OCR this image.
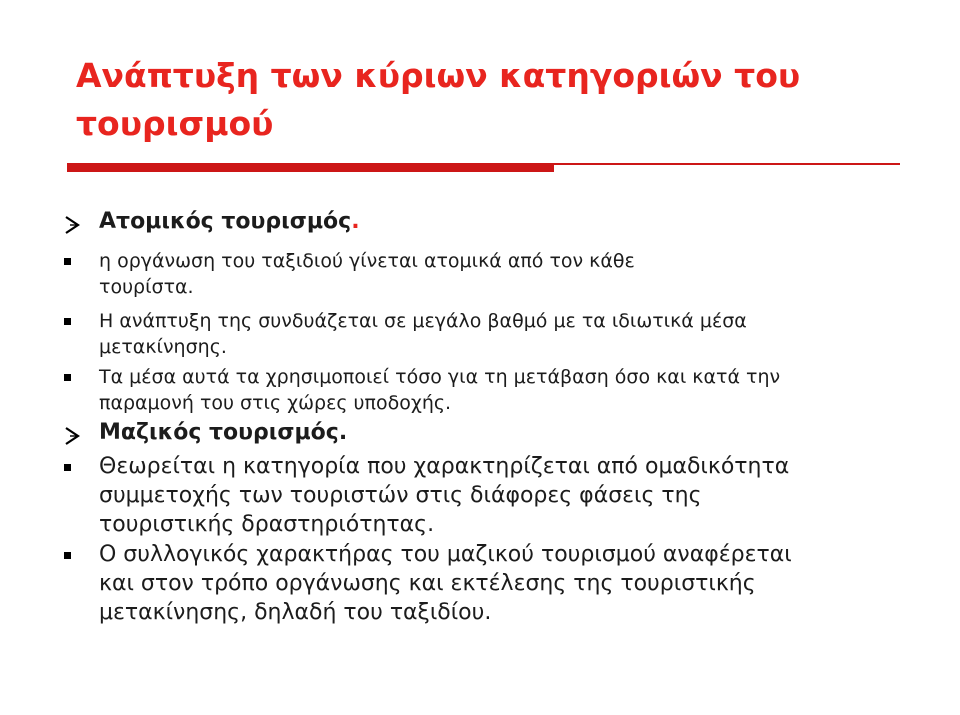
Ανάπτυξη των κύριων κατηγοριών του
τουρισμού
Ατομικός τουρισμός.
η οργάνωση του ταξιδιού γίνεται ατομικά από τον κάθε
τουρίστα.
Η ανάπτυξη της συνδυάζεται σε μεγάλο βαθμό με τα ιδιωτικά μέσα
μετακίνησης.
Τα μέσα αυτά τα χρησιμοποιεί τόσο για τη μετάβαση όσο και κατά την
παραμονή του στις χώρες υποδοχής.
Μαζικός τουρισμός.
Θεωρείται η κατηγορία που χαρακτηρίζεται από ομαδικότητα
συμμετοχής των τουριστών στις διάφορες φάσεις της
τουριστικής δραστηριότητας.
Ο συλλογικός χαρακτήρας του μαζικού τουρισμού αναφέρεται
και στον τρόπο οργάνωσης και εκτέλεσης της τουριστικής
μετακίνησης, δηλαδή του ταξιδίου.
